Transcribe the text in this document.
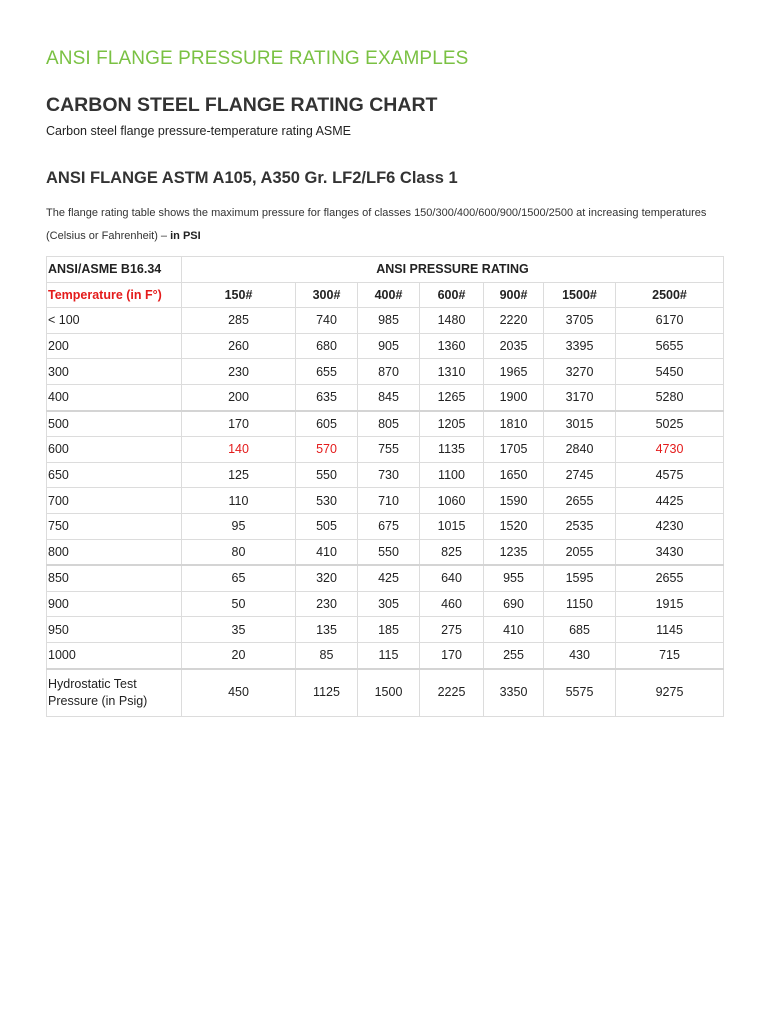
ANSI FLANGE PRESSURE RATING EXAMPLES
CARBON STEEL FLANGE RATING CHART
Carbon steel flange pressure-temperature rating ASME
ANSI FLANGE ASTM A105, A350 Gr. LF2/LF6 Class 1
The flange rating table shows the maximum pressure for flanges of classes 150/300/400/600/900/1500/2500 at increasing temperatures (Celsius or Fahrenheit) – in PSI
ANSI/ASME B16.34	ANSI PRESSURE RATING						
Temperature (in F°)	150#	300#	400#	600#	900#	1500#	2500#
< 100	285	740	985	1480	2220	3705	6170
200	260	680	905	1360	2035	3395	5655
300	230	655	870	1310	1965	3270	5450
400	200	635	845	1265	1900	3170	5280
500	170	605	805	1205	1810	3015	5025
600	140	570	755	1135	1705	2840	4730
650	125	550	730	1100	1650	2745	4575
700	110	530	710	1060	1590	2655	4425
750	95	505	675	1015	1520	2535	4230
800	80	410	550	825	1235	2055	3430
850	65	320	425	640	955	1595	2655
900	50	230	305	460	690	1150	1915
950	35	135	185	275	410	685	1145
1000	20	85	115	170	255	430	715
Hydrostatic Test
Pressure (in Psig)	450	1125	1500	2225	3350	5575	9275
